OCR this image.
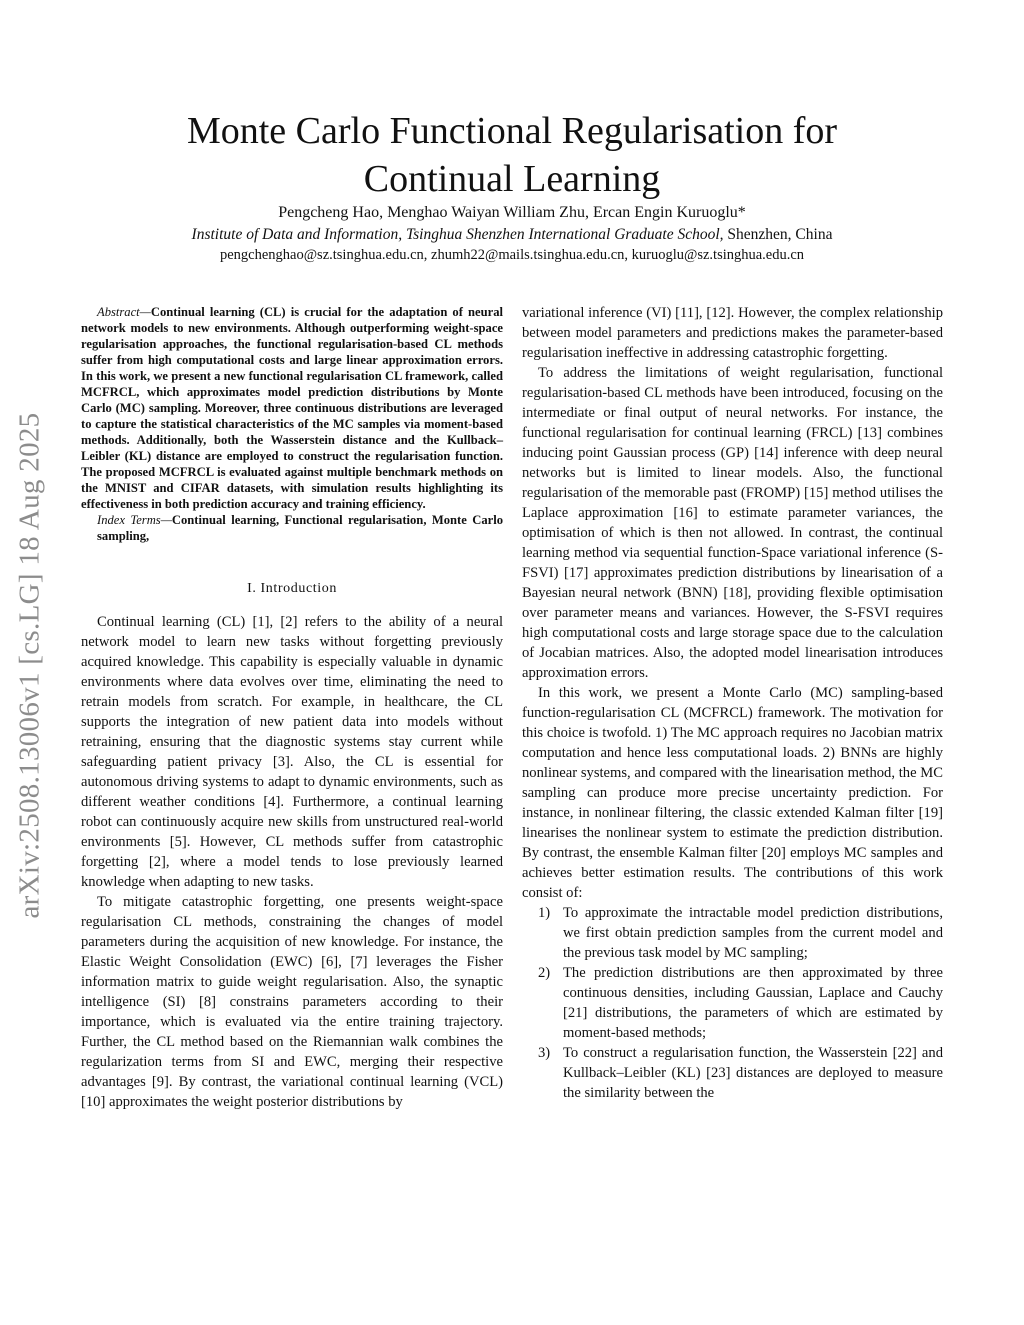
arXiv:2508.13006v1 [cs.LG] 18 Aug 2025
Monte Carlo Functional Regularisation for
Continual Learning
Pengcheng Hao, Menghao Waiyan William Zhu, Ercan Engin Kuruoglu*
Institute of Data and Information, Tsinghua Shenzhen International Graduate School, Shenzhen, China
pengchenghao@sz.tsinghua.edu.cn, zhumh22@mails.tsinghua.edu.cn, kuruoglu@sz.tsinghua.edu.cn

Abstract—Continual learning (CL) is crucial for the adaptation of neural network models to new environments. Although outperforming weight-space regularisation approaches, the functional regularisation-based CL methods suffer from high computational costs and large linear approximation errors. In this work, we present a new functional regularisation CL framework, called MCFRCL, which approximates model prediction distributions by Monte Carlo (MC) sampling. Moreover, three continuous distributions are leveraged to capture the statistical characteristics of the MC samples via moment-based methods. Additionally, both the Wasserstein distance and the Kullback–Leibler (KL) distance are employed to construct the regularisation function. The proposed MCFRCL is evaluated against multiple benchmark methods on the MNIST and CIFAR datasets, with simulation results highlighting its effectiveness in both prediction accuracy and training efficiency.

Index Terms—Continual learning, Functional regularisation, Monte Carlo sampling,

I. Introduction

Continual learning (CL) [1], [2] refers to the ability of a neural network model to learn new tasks without forgetting previously acquired knowledge. This capability is especially valuable in dynamic environments where data evolves over time, eliminating the need to retrain models from scratch. For example, in healthcare, the CL supports the integration of new patient data into models without retraining, ensuring that the diagnostic systems stay current while safeguarding patient privacy [3]. Also, the CL is essential for autonomous driving systems to adapt to dynamic environments, such as different weather conditions [4]. Furthermore, a continual learning robot can continuously acquire new skills from unstructured real-world environments [5]. However, CL methods suffer from catastrophic forgetting [2], where a model tends to lose previously learned knowledge when adapting to new tasks.

To mitigate catastrophic forgetting, one presents weight-space regularisation CL methods, constraining the changes of model parameters during the acquisition of new knowledge. For instance, the Elastic Weight Consolidation (EWC) [6], [7] leverages the Fisher information matrix to guide weight regularisation. Also, the synaptic intelligence (SI) [8] constrains parameters according to their importance, which is evaluated via the entire training trajectory. Further, the CL method based on the Riemannian walk combines the regularization terms from SI and EWC, merging their respective advantages [9]. By contrast, the variational continual learning (VCL) [10] approximates the weight posterior distributions by

variational inference (VI) [11], [12]. However, the complex relationship between model parameters and predictions makes the parameter-based regularisation ineffective in addressing catastrophic forgetting.

To address the limitations of weight regularisation, functional regularisation-based CL methods have been introduced, focusing on the intermediate or final output of neural networks. For instance, the functional regularisation for continual learning (FRCL) [13] combines inducing point Gaussian process (GP) [14] inference with deep neural networks but is limited to linear models. Also, the functional regularisation of the memorable past (FROMP) [15] method utilises the Laplace approximation [16] to estimate parameter variances, the optimisation of which is then not allowed. In contrast, the continual learning method via sequential function-Space variational inference (S-FSVI) [17] approximates prediction distributions by linearisation of a Bayesian neural network (BNN) [18], providing flexible optimisation over parameter means and variances. However, the S-FSVI requires high computational costs and large storage space due to the calculation of Jocabian matrices. Also, the adopted model linearisation introduces approximation errors.

In this work, we present a Monte Carlo (MC) sampling-based function-regularisation CL (MCFRCL) framework. The motivation for this choice is twofold. 1) The MC approach requires no Jacobian matrix computation and hence less computational loads. 2) BNNs are highly nonlinear systems, and compared with the linearisation method, the MC sampling can produce more precise uncertainty prediction. For instance, in nonlinear filtering, the classic extended Kalman filter [19] linearises the nonlinear system to estimate the prediction distribution. By contrast, the ensemble Kalman filter [20] employs MC samples and achieves better estimation results. The contributions of this work consist of:

1) To approximate the intractable model prediction distributions, we first obtain prediction samples from the current model and the previous task model by MC sampling;
2) The prediction distributions are then approximated by three continuous densities, including Gaussian, Laplace and Cauchy [21] distributions, the parameters of which are estimated by moment-based methods;
3) To construct a regularisation function, the Wasserstein [22] and Kullback–Leibler (KL) [23] distances are deployed to measure the similarity between the
